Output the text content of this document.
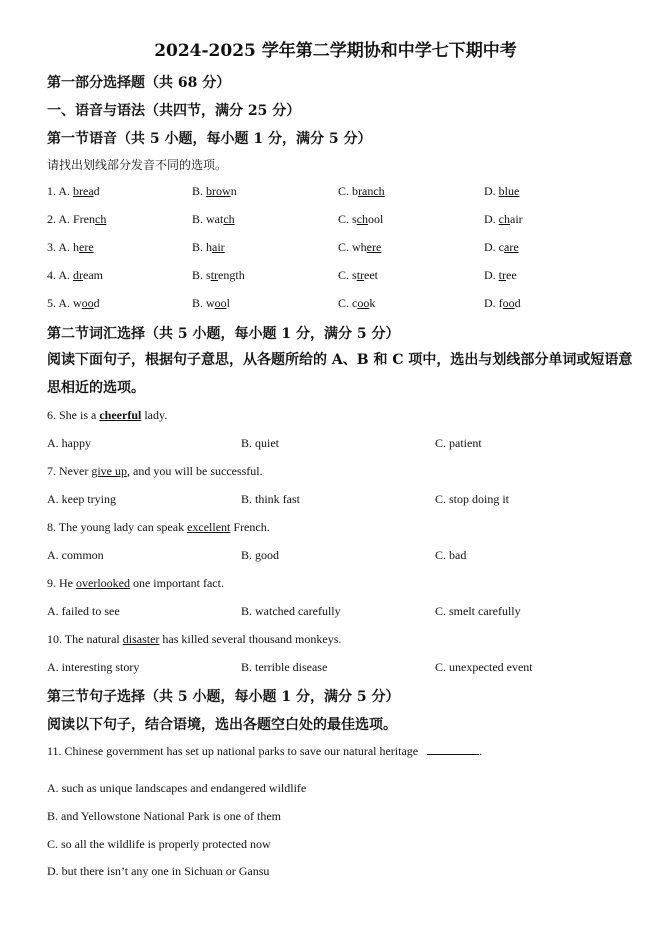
2024-2025 学年第二学期协和中学七下期中考
第一部分选择题（共 68 分）
一、语音与语法（共四节，满分 25 分）
第一节语音（共 5 小题，每小题 1 分，满分 5 分）
请找出划线部分发音不同的选项。
1. A. bread	B. brown	C. branch	D. blue
2. A. French	B. watch	C. school	D. chair
3. A. here	B. hair	C. where	D. care
4. A. dream	B. strength	C. street	D. tree
5. A. wood	B. wool	C. cook	D. food
第二节词汇选择（共 5 小题，每小题 1 分，满分 5 分）
阅读下面句子，根据句子意思，从各题所给的 A、B 和 C 项中，选出与划线部分单词或短语意思相近的选项。
6. She is a cheerful lady.
A. happy	B. quiet	C. patient
7. Never give up, and you will be successful.
A. keep trying	B. think fast	C. stop doing it
8. The young lady can speak excellent French.
A. common	B. good	C. bad
9. He overlooked one important fact.
A. failed to see	B. watched carefully	C. smelt carefully
10. The natural disaster has killed several thousand monkeys.
A. interesting story	B. terrible disease	C. unexpected event
第三节句子选择（共 5 小题，每小题 1 分，满分 5 分）
阅读以下句子，结合语境，选出各题空白处的最佳选项。
11. Chinese government has set up national parks to save our natural heritage	.
A. such as unique landscapes and endangered wildlife
B. and Yellowstone National Park is one of them
C. so all the wildlife is properly protected now
D. but there isn’t any one in Sichuan or Gansu
